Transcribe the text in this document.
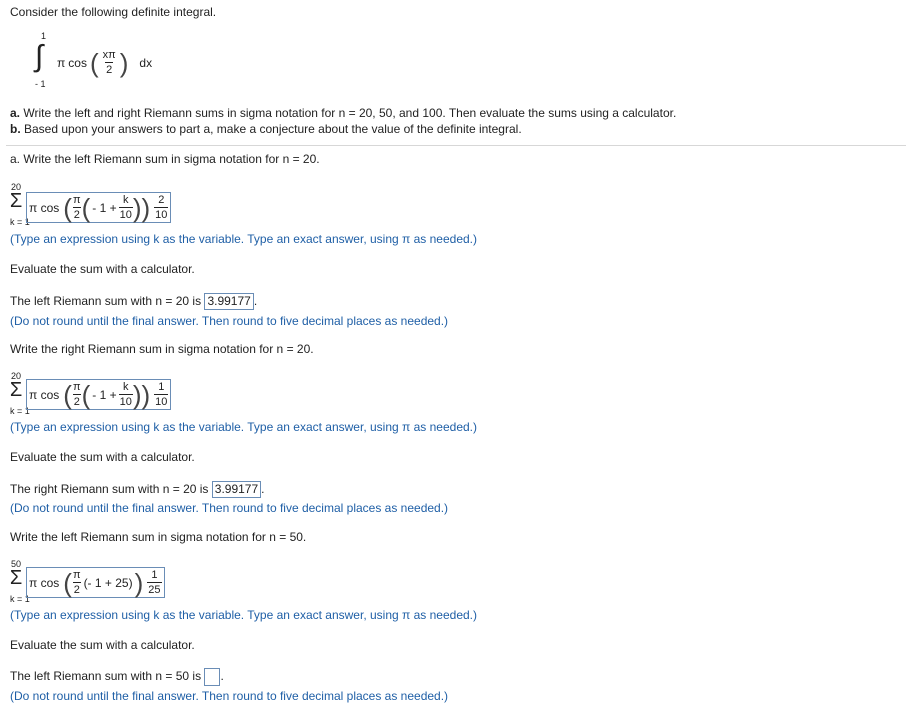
Consider the following definite integral.
1
∫
- 1
π cos ( $\frac{x\pi}{2}$ ) dx
a. Write the left and right Riemann sums in sigma notation for n = 20, 50, and 100. Then evaluate the sums using a calculator.
b. Based upon your answers to part a, make a conjecture about the value of the definite integral.
a. Write the left Riemann sum in sigma notation for n = 20.
20
Σ
k = 1
π cos ( $\frac{\pi}{2}$ ( - $1 + \frac{k}{10}$ )) $\frac{2}{10}$
(Type an expression using k as the variable. Type an exact answer, using π as needed.)
Evaluate the sum with a calculator.
The left Riemann sum with n = 20 is 3.99177 .
(Do not round until the final answer. Then round to five decimal places as needed.)
Write the right Riemann sum in sigma notation for n = 20.
20
Σ
k = 1
π cos ( $\frac{\pi}{2}$ ( - $1 + \frac{k}{10}$ )) $\frac{1}{10}$
(Type an expression using k as the variable. Type an exact answer, using π as needed.)
Evaluate the sum with a calculator.
The right Riemann sum with n = 20 is 3.99177 .
(Do not round until the final answer. Then round to five decimal places as needed.)
Write the left Riemann sum in sigma notation for n = 50.
50
Σ
k = 1
π cos ( $\frac{\pi}{2}$ (- 1 + 25) ) $\frac{1}{25}$
(Type an expression using k as the variable. Type an exact answer, using π as needed.)
Evaluate the sum with a calculator.
The left Riemann sum with n = 50 is .
(Do not round until the final answer. Then round to five decimal places as needed.)
